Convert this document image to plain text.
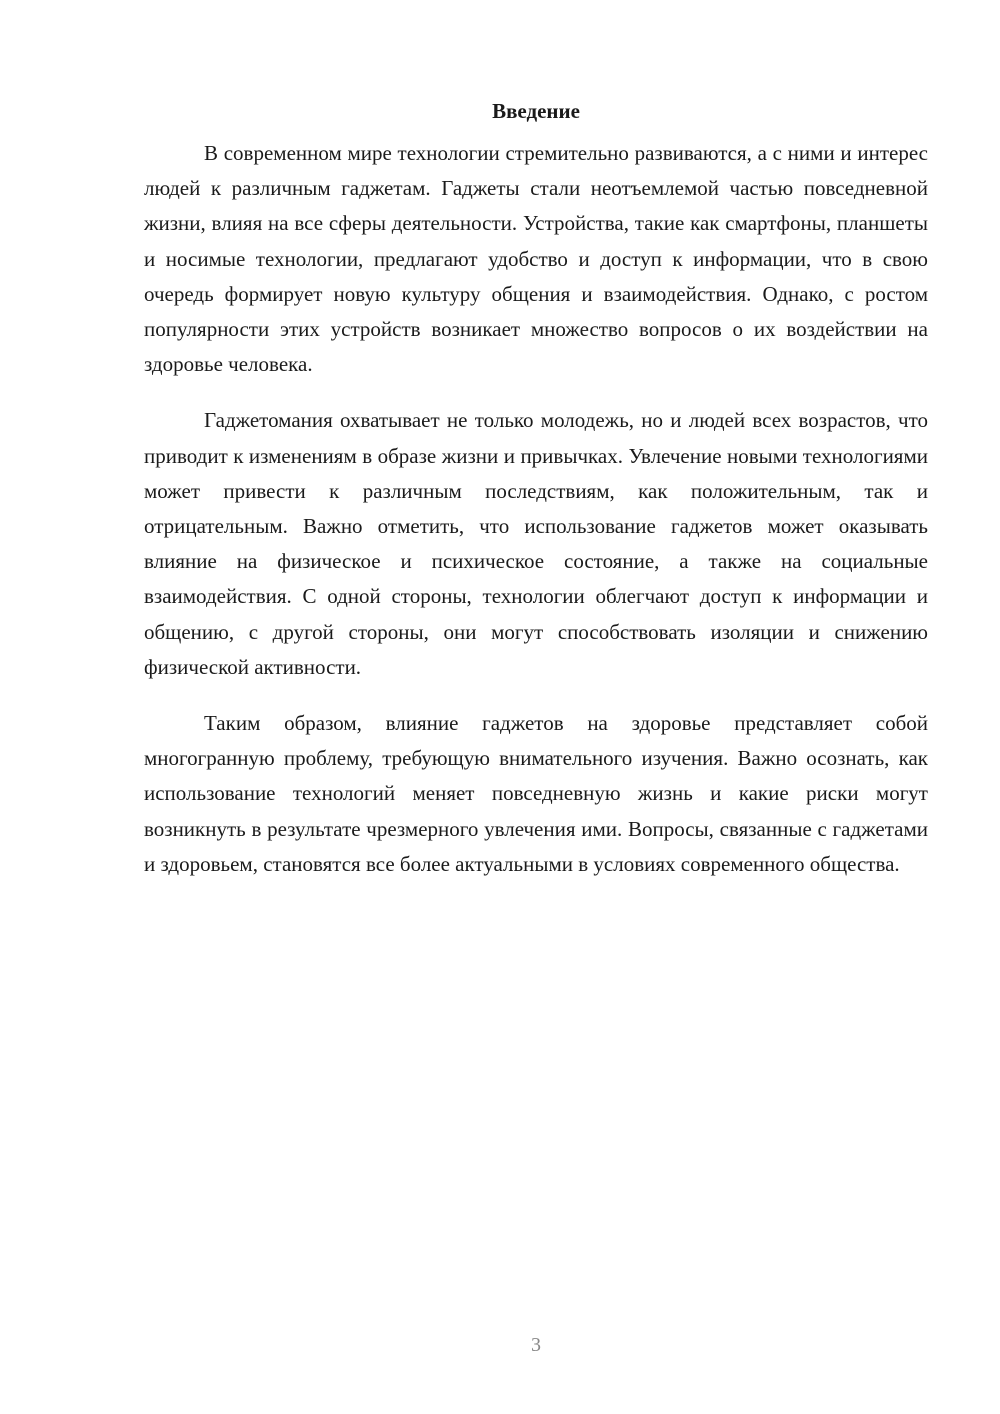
Введение

В современном мире технологии стремительно развиваются, а с ними и интерес людей к различным гаджетам. Гаджеты стали неотъемлемой частью повседневной жизни, влияя на все сферы деятельности. Устройства, такие как смартфоны, планшеты и носимые технологии, предлагают удобство и доступ к информации, что в свою очередь формирует новую культуру общения и взаимодействия. Однако, с ростом популярности этих устройств возникает множество вопросов о их воздействии на здоровье человека.

Гаджетомания охватывает не только молодежь, но и людей всех возрастов, что приводит к изменениям в образе жизни и привычках. Увлечение новыми технологиями может привести к различным последствиям, как положительным, так и отрицательным. Важно отметить, что использование гаджетов может оказывать влияние на физическое и психическое состояние, а также на социальные взаимодействия. С одной стороны, технологии облегчают доступ к информации и общению, с другой стороны, они могут способствовать изоляции и снижению физической активности.

Таким образом, влияние гаджетов на здоровье представляет собой многогранную проблему, требующую внимательного изучения. Важно осознать, как использование технологий меняет повседневную жизнь и какие риски могут возникнуть в результате чрезмерного увлечения ими. Вопросы, связанные с гаджетами и здоровьем, становятся все более актуальными в условиях современного общества.

3
